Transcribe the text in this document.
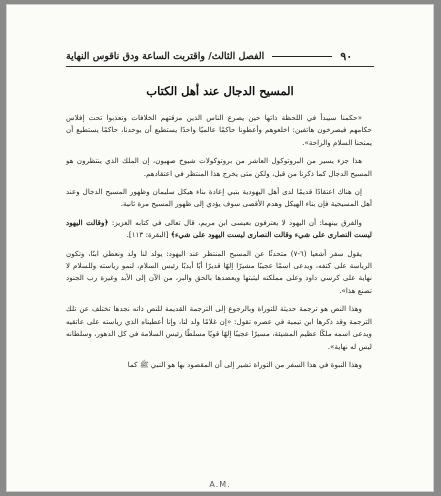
٩٠
الفصل الثالث/ واقتربت الساعة ودق ناقوس النهاية
المسيح الدجال عند أهل الكتاب

«حكمنا سيبدأ في اللحظة ذاتها حين يصرع الناس الذين مزقتهم الخلافات وتعذبوا تحت إفلاس حكامهم فيصرخون هاتفين: اخلعوهم وأعطونا حاكمًا عالميًا واحدًا يستطيع أن يوحدنا، حاكمًا يستطيع أن يمنحنا السلام والراحة».

هذا جزء يسير من البروتوكول العاشر من بروتوكولات شيوخ صهيون، إن الملك الذي ينتظرون هو المسيح الدجال كما ذكرنا من قبل، ولكن متى يخرج هذا المنتظر في اعتقادهم.

إن هناك اعتقادًا قديمًا لدى أهل اليهودية بنبي إعادة بناء هيكل سليمان وظهور المسيح الدجال وعند أهل المسيحية فإن بناء الهيكل وهدم الأقصى سوف يؤدي إلى ظهور المسيح مرة ثانية.

والفرق بينهما: أن اليهود لا يعترفون بعيسى ابن مريم، قال تعالى في كتابه العزيز: ﴿وقالت اليهود ليست النصارى على شيء وقالت النصارى ليست اليهود على شيء﴾ [البقرة: ١١٣].

يقول سفر أشعيا (٦-٧) متحدثًا عن المسيح المنتظر عند اليهود: يولد لنا ولد ونعطي ابنًا، وتكون الرياسة على كتفه، ويدعى اسمًا عجيبًا مشيرًا إلهًا قديرًا أبًا أبديًا رئيس السلام، لنمو رياسته وللسلام لا نهاية على كرسي داود وعلى مملكته ليثبتها ويعضدها بالحق والبر، من الآن إلى الأبد وغيرة رب الجنود تصنع هذا».

وهذا النص هو ترجمة حديثة للتوراة وبالرجوع إلى الترجمة القديمة للنص ذاته نجدها تختلف عن تلك الترجمة وقد ذكرها ابن تيمية في عصره تقول: «إن غلامًا ولد لنا، وإنا أعطيناه الذي رياسته على عاتقيه ويدعى اسمه ملكًا عظيم المشيئة، مسيرًا عجيبًا إلهًا قويًا مسلطًا رئيس السلامة في كل الدهور، وسلطانه ليس له نهاية».

وهذا النبوة في هذا السفر من التوراة تشير إلى أن المقصود بها هو النبي ﷺ كما

A.M.
